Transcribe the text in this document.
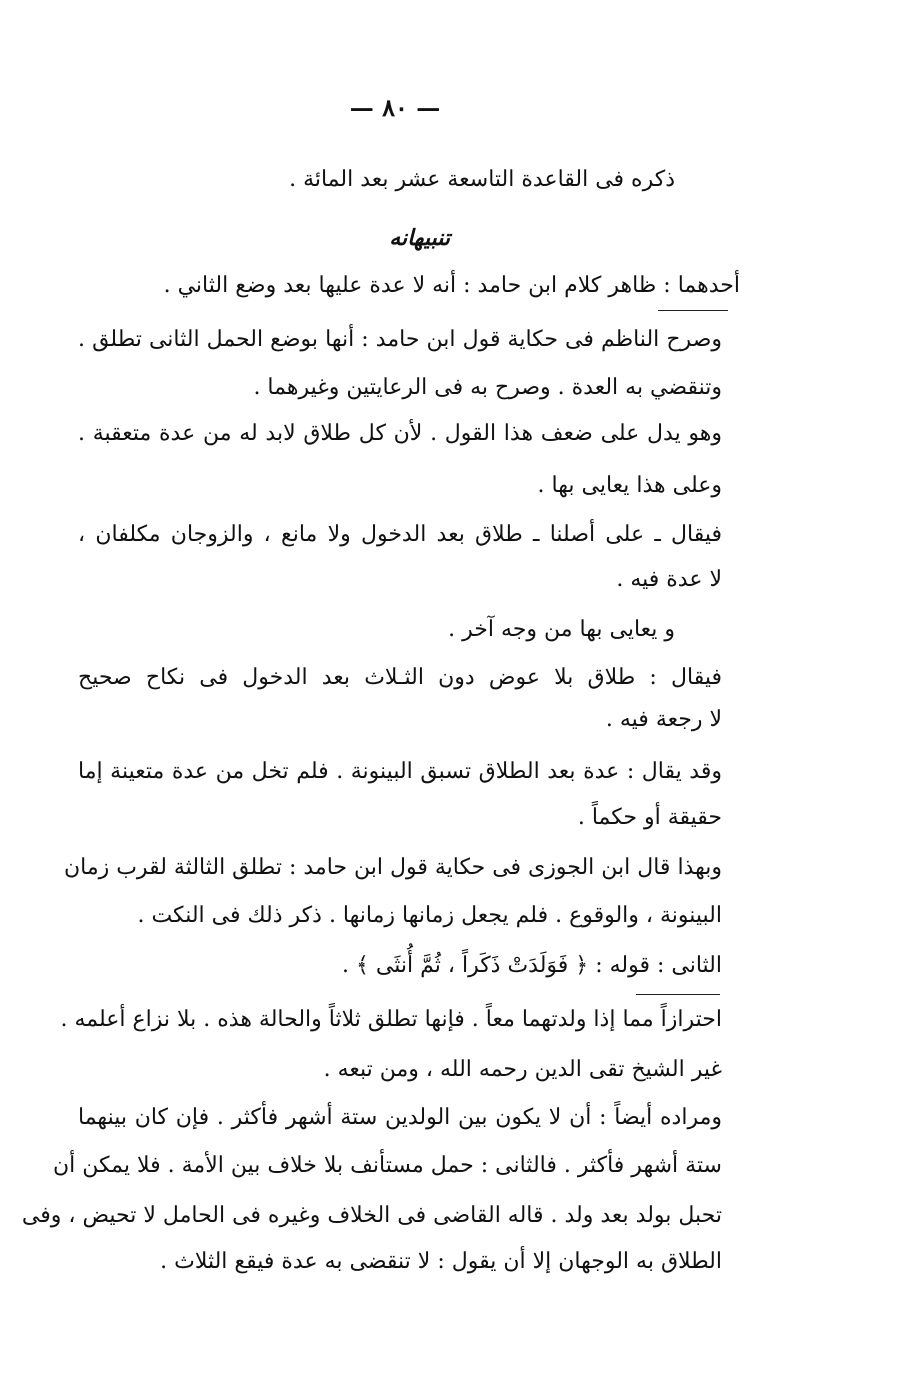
— ٨٠ —
ذكره فى القاعدة التاسعة عشر بعد المائة .
تنبيهانه
أحدهما : ظاهر كلام ابن حامد : أنه لا عدة عليها بعد وضع الثاني .
وصرح الناظم فى حكاية قول ابن حامد : أنها بوضع الحمل الثانى تطلق .
وتنقضي به العدة . وصرح به فى الرعايتين وغيرهما .
وهو يدل على ضعف هذا القول . لأن كل طلاق لابد له من عدة متعقبة .
وعلى هذا يعايى بها .
فيقال ـ على أصلنا ـ طلاق بعد الدخول ولا مانع ، والزوجان مكلفان ،
لا عدة فيه .
و يعايى بها من وجه آخر .
فيقال : طلاق بلا عوض دون الثـلاث بعد الدخول فى نكاح صحيح
لا رجعة فيه .
وقد يقال : عدة بعد الطلاق تسبق البينونة . فلم تخل من عدة متعينة إما
حقيقة أو حكماً .
وبهذا قال ابن الجوزى فى حكاية قول ابن حامد : تطلق الثالثة لقرب زمان
البينونة ، والوقوع . فلم يجعل زمانها زمانها . ذكر ذلك فى النكت .
الثانى : قوله : ﴿ فَوَلَدَتْ ذَكَراً ، ثُمَّ أُنثَى ﴾ .
احترازاً مما إذا ولدتهما معاً . فإنها تطلق ثلاثاً والحالة هذه . بلا نزاع أعلمه .
غير الشيخ تقى الدين رحمه الله ، ومن تبعه .
ومراده أيضاً : أن لا يكون بين الولدين ستة أشهر فأكثر . فإن كان بينهما
ستة أشهر فأكثر . فالثانى : حمل مستأنف بلا خلاف بين الأمة . فلا يمكن أن
تحبل بولد بعد ولد . قاله القاضى فى الخلاف وغيره فى الحامل لا تحيض ، وفى
الطلاق به الوجهان إلا أن يقول : لا تنقضى به عدة فيقع الثلاث .
